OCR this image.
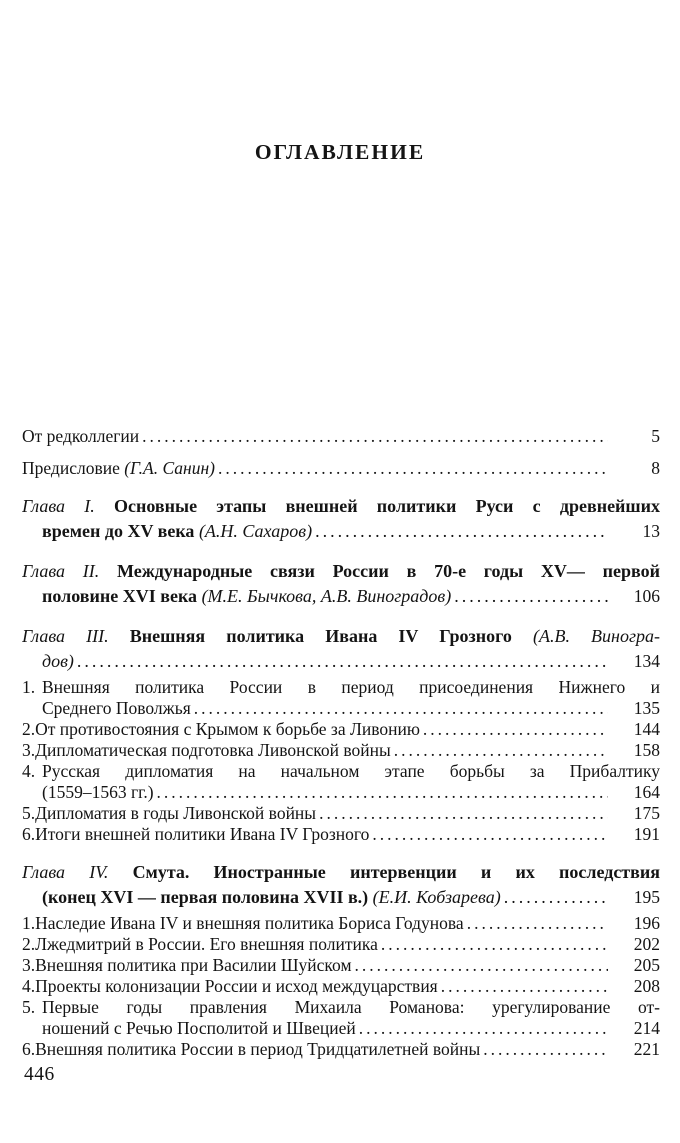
ОГЛАВЛЕНИЕ
От редколлегии .....	5
Предисловие (Г.А. Санин) .....	8
Глава I. Основные этапы внешней политики Руси с древнейших
времен до XV века (А.Н. Сахаров) .....	13
Глава II. Международные связи России в 70-е годы XV— первой
половине XVI века (М.Е. Бычкова, А.В. Виноградов) .....	106
Глава III. Внешняя политика Ивана IV Грозного (А.В. Виногра-
дов) .....	134
1. Внешняя политика России в период присоединения Нижнего и
Среднего Поволжья .....	135
2. От противостояния с Крымом к борьбе за Ливонию .....	144
3. Дипломатическая подготовка Ливонской войны .....	158
4. Русская дипломатия на начальном этапе борьбы за Прибалтику
(1559–1563 гг.) .....	164
5. Дипломатия в годы Ливонской войны .....	175
6. Итоги внешней политики Ивана IV Грозного .....	191
Глава IV. Смута. Иностранные интервенции и их последствия
(конец XVI — первая половина XVII в.) (Е.И. Кобзарева) .....	195
1. Наследие Ивана IV и внешняя политика Бориса Годунова .....	196
2. Лжедмитрий в России. Его внешняя политика .....	202
3. Внешняя политика при Василии Шуйском .....	205
4. Проекты колонизации России и исход междуцарствия .....	208
5. Первые годы правления Михаила Романова: урегулирование от-
ношений с Речью Посполитой и Швецией .....	214
6. Внешняя политика России в период Тридцатилетней войны .....	221
446
